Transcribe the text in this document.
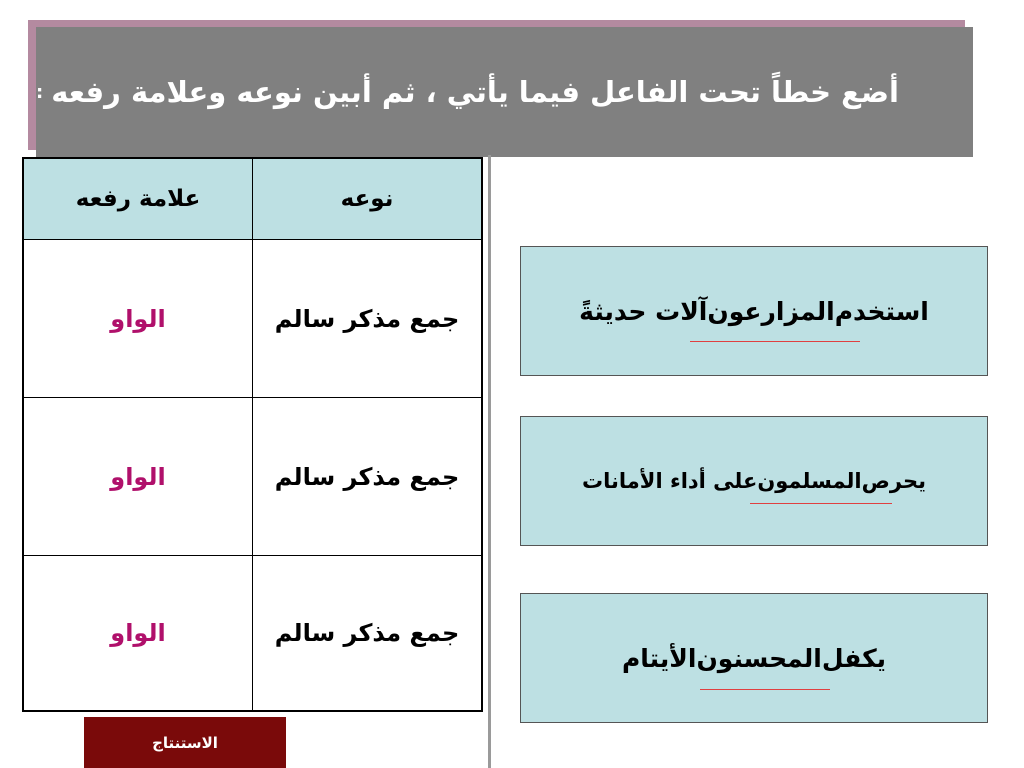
أضع خطاً تحت الفاعل فيما يأتي ، ثم أبين نوعه وعلامة رفعه
:
نوعه
علامة رفعه
جمع مذكر سالم
الواو
جمع مذكر سالم
الواو
جمع مذكر سالم
الواو
استخدم
المزارعون
آلات حديثةً
يحرص
المسلمون
على أداء الأمانات
يكفل
المحسنون
الأيتام
الاستنتاج
